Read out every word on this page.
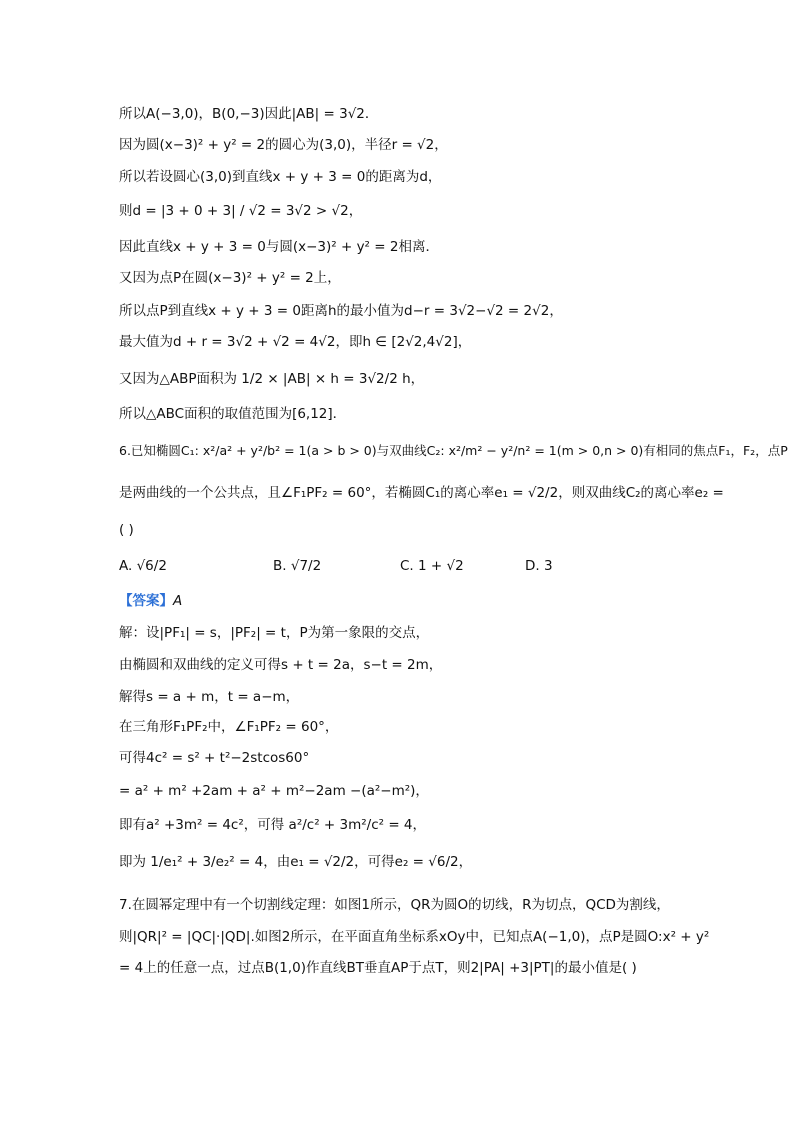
所以A(−3,0)，B(0,−3)因此|AB| = 3√2．
因为圆(x−3)² + y² = 2的圆心为(3,0)，半径r = √2，
所以若设圆心(3,0)到直线x + y + 3 = 0的距离为d，
则d = |3 + 0 + 3| / √2 = 3√2 > √2，
因此直线x + y + 3 = 0与圆(x−3)² + y² = 2相离．
又因为点P在圆(x−3)² + y² = 2上，
所以点P到直线x + y + 3 = 0距离h的最小值为d−r = 3√2−√2 = 2√2，
最大值为d + r = 3√2 + √2 = 4√2，即h ∈ [2√2,4√2]，
又因为△ABP面积为 1/2 × |AB| × h = 3√2/2 h，
所以△ABC面积的取值范围为[6,12]．
6.已知椭圆C₁: x²/a² + y²/b² = 1(a > b > 0)与双曲线C₂: x²/m² − y²/n² = 1(m > 0,n > 0)有相同的焦点F₁，F₂，点P
是两曲线的一个公共点，且∠F₁PF₂ = 60°，若椭圆C₁的离心率e₁ = √2/2，则双曲线C₂的离心率e₂ =
( )
A. √6/2	B. √7/2	C. 1 + √2	D. 3
【答案】A
解：设|PF₁| = s，|PF₂| = t，P为第一象限的交点，
由椭圆和双曲线的定义可得s + t = 2a，s−t = 2m，
解得s = a + m，t = a−m，
在三角形F₁PF₂中，∠F₁PF₂ = 60°，
可得4c² = s² + t²−2stcos60°
= a² + m² +2am + a² + m²−2am −(a²−m²)，
即有a² +3m² = 4c²，可得 a²/c² + 3m²/c² = 4，
即为 1/e₁² + 3/e₂² = 4，由e₁ = √2/2，可得e₂ = √6/2，
7.在圆幂定理中有一个切割线定理：如图1所示，QR为圆O的切线，R为切点，QCD为割线，
则|QR|² = |QC|·|QD|.如图2所示，在平面直角坐标系xOy中，已知点A(−1,0)，点P是圆O:x² + y²
= 4上的任意一点，过点B(1,0)作直线BT垂直AP于点T，则2|PA| +3|PT|的最小值是( )
